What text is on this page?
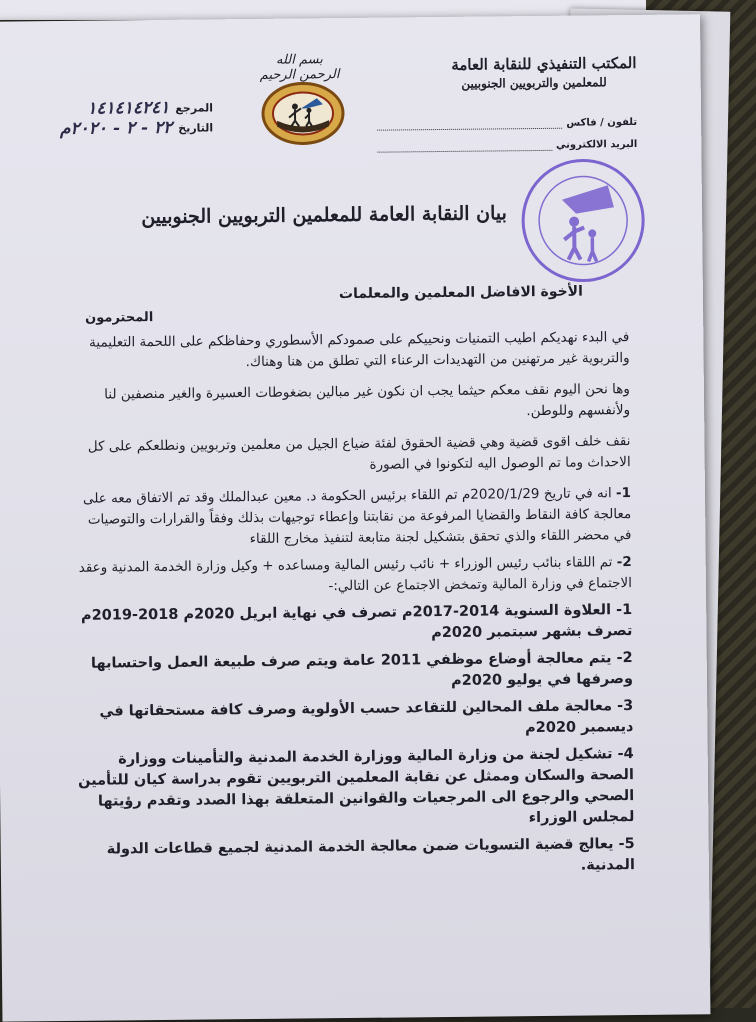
المكتب التنفيذي للنقابة العامة
للمعلمين والتربويين الجنوبيين
تلفون / فاكس
البريد الالكتروني
بسم الله الرحمن الرحيم
المرجع
١٤١٤١٤٢٤١
التاريخ
٢٢ - ٢ - ٢٠٢٠م
بيان النقابة العامة للمعلمين التربويين الجنوبيين
الأخوة الافاضل المعلمين والمعلمات
المحترمون

في البدء نهديكم اطيب التمنيات ونحييكم على صمودكم الأسطوري وحفاظكم على اللحمة التعليمية والتربوية غير مرتهنين من التهديدات الرعناء التي تطلق من هنا وهناك.

وها نحن اليوم نقف معكم حيثما يجب ان نكون غير مبالين بضغوطات العسيرة والغير منصفين لنا ولأنفسهم وللوطن.

نقف خلف اقوى قضية وهي قضية الحقوق لفئة ضياع الجيل من معلمين وتربويين ونطلعكم على كل الاحداث وما تم الوصول اليه لتكونوا في الصورة

1- انه في تاريخ 2020/1/29م تم اللقاء برئيس الحكومة د. معين عبدالملك وقد تم الاتفاق معه على معالجة كافة النقاط والقضايا المرفوعة من نقابتنا وإعطاء توجيهات بذلك وفقاً والقرارات والتوصيات في محضر اللقاء والذي تحقق بتشكيل لجنة متابعة لتنفيذ مخارج اللقاء
2- تم اللقاء بنائب رئيس الوزراء + نائب رئيس المالية ومساعده + وكيل وزارة الخدمة المدنية وعقد الاجتماع في وزارة المالية وتمخض الاجتماع عن التالي:-
1- العلاوة السنوية 2014-2017م تصرف في نهاية ابريل 2020م 2018-2019م تصرف بشهر سبتمبر 2020م
2- يتم معالجة أوضاع موظفي 2011 عامة ويتم صرف طبيعة العمل واحتسابها وصرفها في يوليو 2020م
3- معالجة ملف المحالين للتقاعد حسب الأولوية وصرف كافة مستحقاتها في ديسمبر 2020م
4- تشكيل لجنة من وزارة المالية ووزارة الخدمة المدنية والتأمينات ووزارة الصحة والسكان وممثل عن نقابة المعلمين التربويين تقوم بدراسة كيان للتأمين الصحي والرجوع الى المرجعيات والقوانين المتعلقة بهذا الصدد وتقدم رؤيتها لمجلس الوزراء
5- يعالج قضية التسويات ضمن معالجة الخدمة المدنية لجميع قطاعات الدولة المدنية.
